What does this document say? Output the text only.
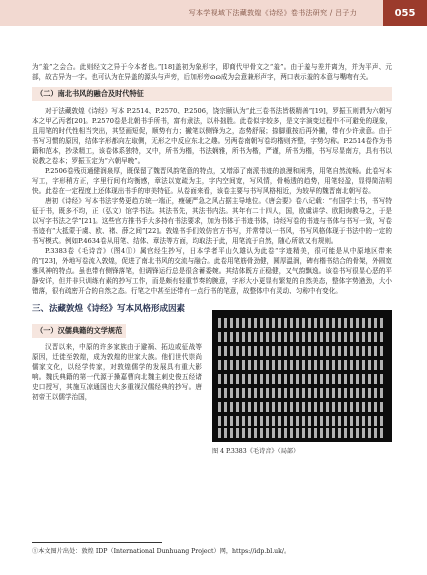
写本学视域下法藏敦煌《诗经》卷书法研究 / 吕子力	055

为“羞”之会合。此则经文之异于今本者也。”[18]盖初为象形字，即商代甲骨文之“羞”。由于羞与差并离为，并为平声、元部，故古异为一字。也可认为在异盖的源头与声旁，后加形旁ɷɷ成为会意兼形声字，两口表示羞的本意与嘴吻有关。

（二）南北书风的融合及时代特征

对于法藏敦煌《诗经》写本 P.2514、P.2570、P.2506，饶宗颐认为“此三卷书法皆极精善”[19]，罗振玉则谓为六朝写本之甲乙丙者[20]。P.2570卷是北朝书手所书，富有隶法，以朴拙胜。此卷似字较多，是文字演变过程中不可避免的现象，且用笔的时代性相当突出，其竖画短促，顺势有力；撇笔以侧锋为之，态势舒展；捺脚重按后再外撇，带有少许隶意。由于书写习惯的原因，结体字形都向左取侧，无形之中反应东北之趣。另两卷南朝写卷均楷则齐整，字势匀称。P.2514卷作为书籍和范本，抄录精工，该卷体系独特，又中，所书为楷，书法娴雅，所书为楷，严谨，所书为楷，书写尽显南方，具有书以说教之卷本；罗振玉定为“六朝早晚”。

P.2506卷残页通健润泉厚，既保留了魏晋风韵笔意的特点，又增添了南派书迹的浪漫和闲秀，用笔自然流畅。此卷写本写工，字形稍方正，字里行间有均衡感，章法以宽疏为主，字内空间宽，写风情，骨畅透的趋势，用笔轻盈，显得简洁明快。此卷在一定程度上还体现出书手的审美特征。从卷面来看，该卷主要与书写风格相近，为较早的魏晋南北朝写卷。

唐初《诗经》写本书法字势更趋方统一端正，瘦硬严急之风占据主导地位。《唐会要》卷八记载：“有国学士书，书写特征于书，既多不均，正（弘文）馆学书法。其法书先，其法书内法。其年有二十四人，国，欧虞讲学、欧阳询教导之，于是以写字书法之学”[21]。这些官方推书手大多持有书法要求，加为书体于书迹书体，诗经写卷的书迹与书体与书写一致，写卷书迹有“大抵蒙于虞、欧、褚、薛之间”[22]。敦煌书手们效仿官方书写，并常带以一书风，书写风格体现于书法中的一定的书写模式。例如P.4634卷从用笔、结体、章法等方面，均取法于此，用笔流于自然，随心所欲又有规则。

P.3383卷《毛诗音》（图4①）属官经生抄写，日本学者平山久雄认为此卷“字迹精美，很可能是从中原地区带来的”[23]，外地写卷流入敦煌，促进了南北书风的交流与融合。此卷用笔筋骨劲健，圆厚温润，碑有楷书结合的骨架，外圆宽雅风神的特点。虽也带有侧锋落笔，但调锋运行总是很含蓄委婉。其结体既方正稳健，又气韵飘逸。该卷书写很显心恶的平静安详，但并非只训练有素的抄写工作，而是颇有轻重节奏的腕意，字形大小更显有繁复的自然美态，整体字势遒劲，大小错落，很有疏密开合的自然之态。行笔之中甚至还带有一点行书的笔意，故整体中有灵动、匀称中有变化。

三、法藏敦煌《诗经》写本风格形成因素
（一）汉儒典籍的文学规范

汉晋以来，中原的许多家族由于避祸、拓边或征战等原因，迁徙至敦煌，成为敦煌的世家大族。他们世代崇尚儒家文化，以经学传家，对敦煌儒学的发展具有重大影响。魏氏典籍的第一代源于操嘉曹向北魏主刺史俊五经诸史口授写，其施互凉通国也大多重视汉儒经典的抄写。唐初帝王以儒学治国，

图 4 P.3383《毛诗音》（局部）
①本文图片出处：敦煌 IDP（International Dunhuang Project）网，https://idp.bl.uk/。
